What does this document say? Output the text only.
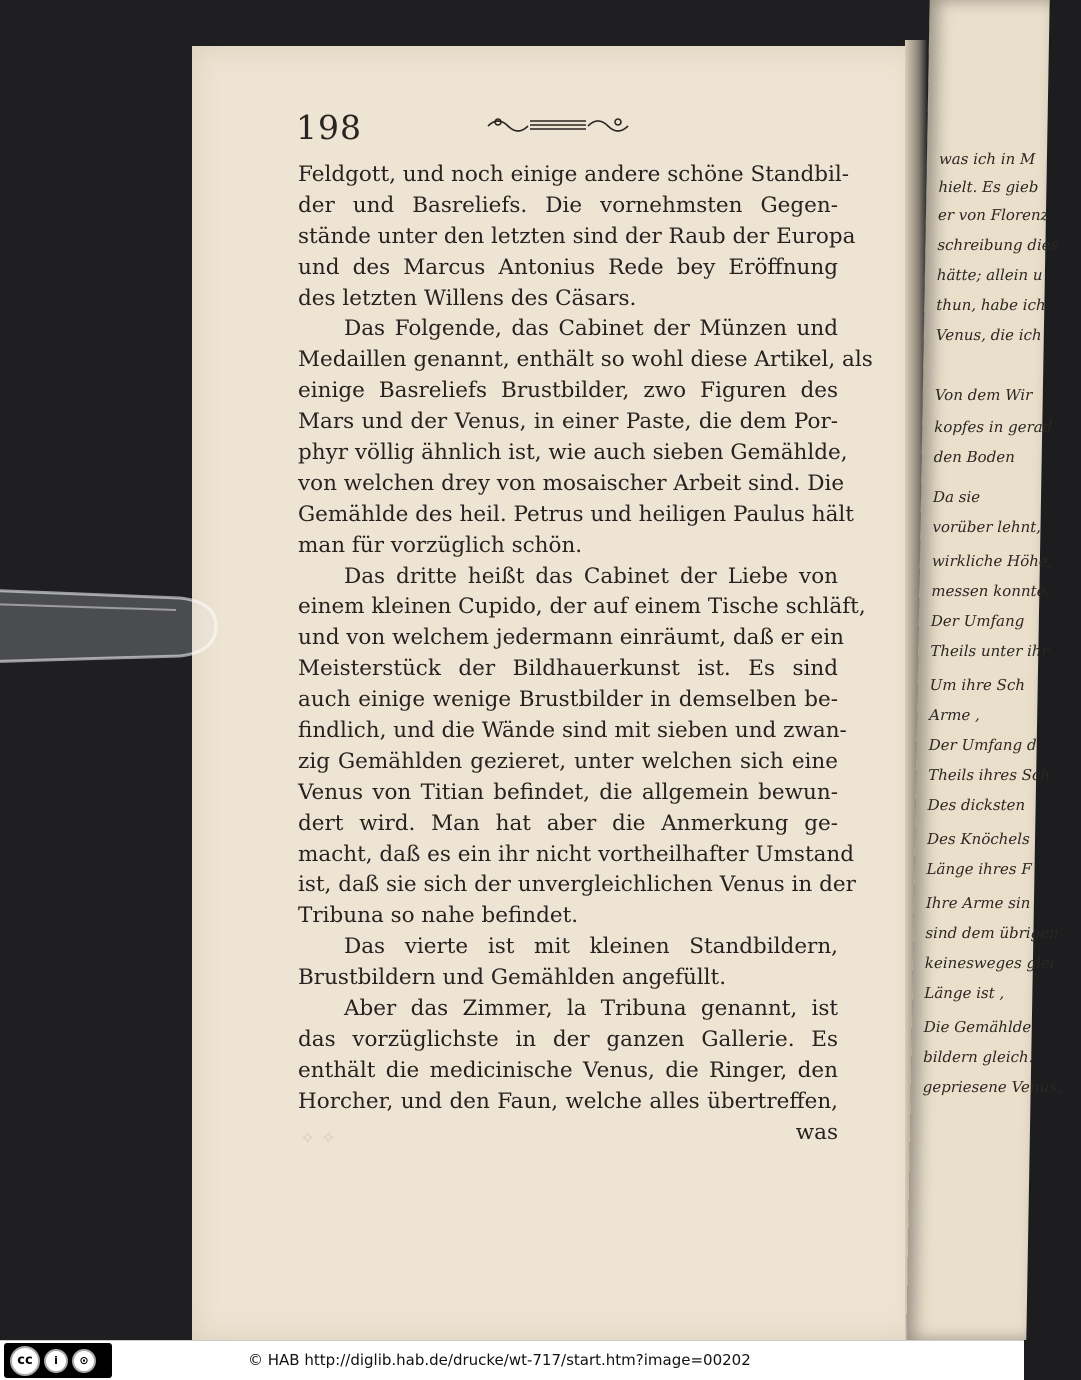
was ich in M
hielt. Es gieb
er von Florenz
schreibung dies
hätte; allein u
thun, habe ich
Venus, die ich
Von dem Wir
kopfes in gerad
den Boden
Da sie
vorüber lehnt,
wirkliche Höhe,
messen konnte.
Der Umfang
Theils unter ihr
Um ihre Sch
Arme ,
Der Umfang d
Theils ihres Sch
Des dicksten
Des Knöchels
Länge ihres F
Ihre Arme sin
sind dem übrigen
keinesweges glei
Länge ist ,
Die Gemählde
bildern gleich.
gepriesene Venus,
198
Feldgott, und noch einige andere schöne Standbil-
der und Basreliefs. Die vornehmsten Gegen-
stände unter den letzten sind der Raub der Europa
und des Marcus Antonius Rede bey Eröffnung
des letzten Willens des Cäsars.
Das Folgende, das Cabinet der Münzen und
Medaillen genannt, enthält so wohl diese Artikel, als
einige Basreliefs Brustbilder, zwo Figuren des
Mars und der Venus, in einer Paste, die dem Por-
phyr völlig ähnlich ist, wie auch sieben Gemählde,
von welchen drey von mosaischer Arbeit sind. Die
Gemählde des heil. Petrus und heiligen Paulus hält
man für vorzüglich schön.
Das dritte heißt das Cabinet der Liebe von
einem kleinen Cupido, der auf einem Tische schläft,
und von welchem jedermann einräumt, daß er ein
Meisterstück der Bildhauerkunst ist. Es sind
auch einige wenige Brustbilder in demselben be-
findlich, und die Wände sind mit sieben und zwan-
zig Gemählden gezieret, unter welchen sich eine
Venus von Titian befindet, die allgemein bewun-
dert wird. Man hat aber die Anmerkung ge-
macht, daß es ein ihr nicht vortheilhafter Umstand
ist, daß sie sich der unvergleichlichen Venus in der
Tribuna so nahe befindet.
Das vierte ist mit kleinen Standbildern,
Brustbildern und Gemählden angefüllt.
Aber das Zimmer, la Tribuna genannt, ist
das vorzüglichste in der ganzen Gallerie. Es
enthält die medicinische Venus, die Ringer, den
Horcher, und den Faun, welche alles übertreffen,
was
✧ ✧
cc	i	⊙	© HAB http://diglib.hab.de/drucke/wt-717/start.htm?image=00202
